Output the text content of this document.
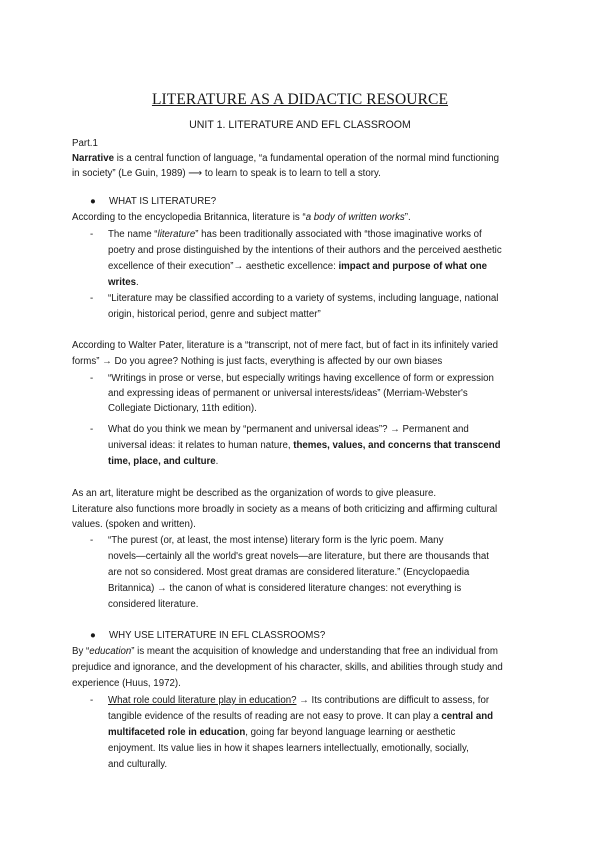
LITERATURE AS A DIDACTIC RESOURCE
UNIT 1. LITERATURE AND EFL CLASSROOM
Part.1
Narrative is a central function of language, “a fundamental operation of the normal mind functioning
in society” (Le Guin, 1989) ⟶ to learn to speak is to learn to tell a story.
● WHAT IS LITERATURE?
According to the encyclopedia Britannica, literature is “a body of written works”.
- The name “literature” has been traditionally associated with “those imaginative works of
poetry and prose distinguished by the intentions of their authors and the perceived aesthetic
excellence of their execution”→ aesthetic excellence: impact and purpose of what one
writes.
- “Literature may be classified according to a variety of systems, including language, national
origin, historical period, genre and subject matter”
According to Walter Pater, literature is a “transcript, not of mere fact, but of fact in its infinitely varied
forms” → Do you agree? Nothing is just facts, everything is affected by our own biases
- “Writings in prose or verse, but especially writings having excellence of form or expression
and expressing ideas of permanent or universal interests/ideas” (Merriam-Webster's
Collegiate Dictionary, 11th edition).
- What do you think we mean by “permanent and universal ideas”? → Permanent and
universal ideas: it relates to human nature, themes, values, and concerns that transcend
time, place, and culture.
As an art, literature might be described as the organization of words to give pleasure.
Literature also functions more broadly in society as a means of both criticizing and affirming cultural
values. (spoken and written).
- “The purest (or, at least, the most intense) literary form is the lyric poem. Many
novels—certainly all the world's great novels—are literature, but there are thousands that
are not so considered. Most great dramas are considered literature.” (Encyclopaedia
Britannica) → the canon of what is considered literature changes: not everything is
considered literature.
● WHY USE LITERATURE IN EFL CLASSROOMS?
By “education” is meant the acquisition of knowledge and understanding that free an individual from
prejudice and ignorance, and the development of his character, skills, and abilities through study and
experience (Huus, 1972).
- What role could literature play in education? → Its contributions are difficult to assess, for
tangible evidence of the results of reading are not easy to prove. It can play a central and
multifaceted role in education, going far beyond language learning or aesthetic
enjoyment. Its value lies in how it shapes learners intellectually, emotionally, socially,
and culturally.
